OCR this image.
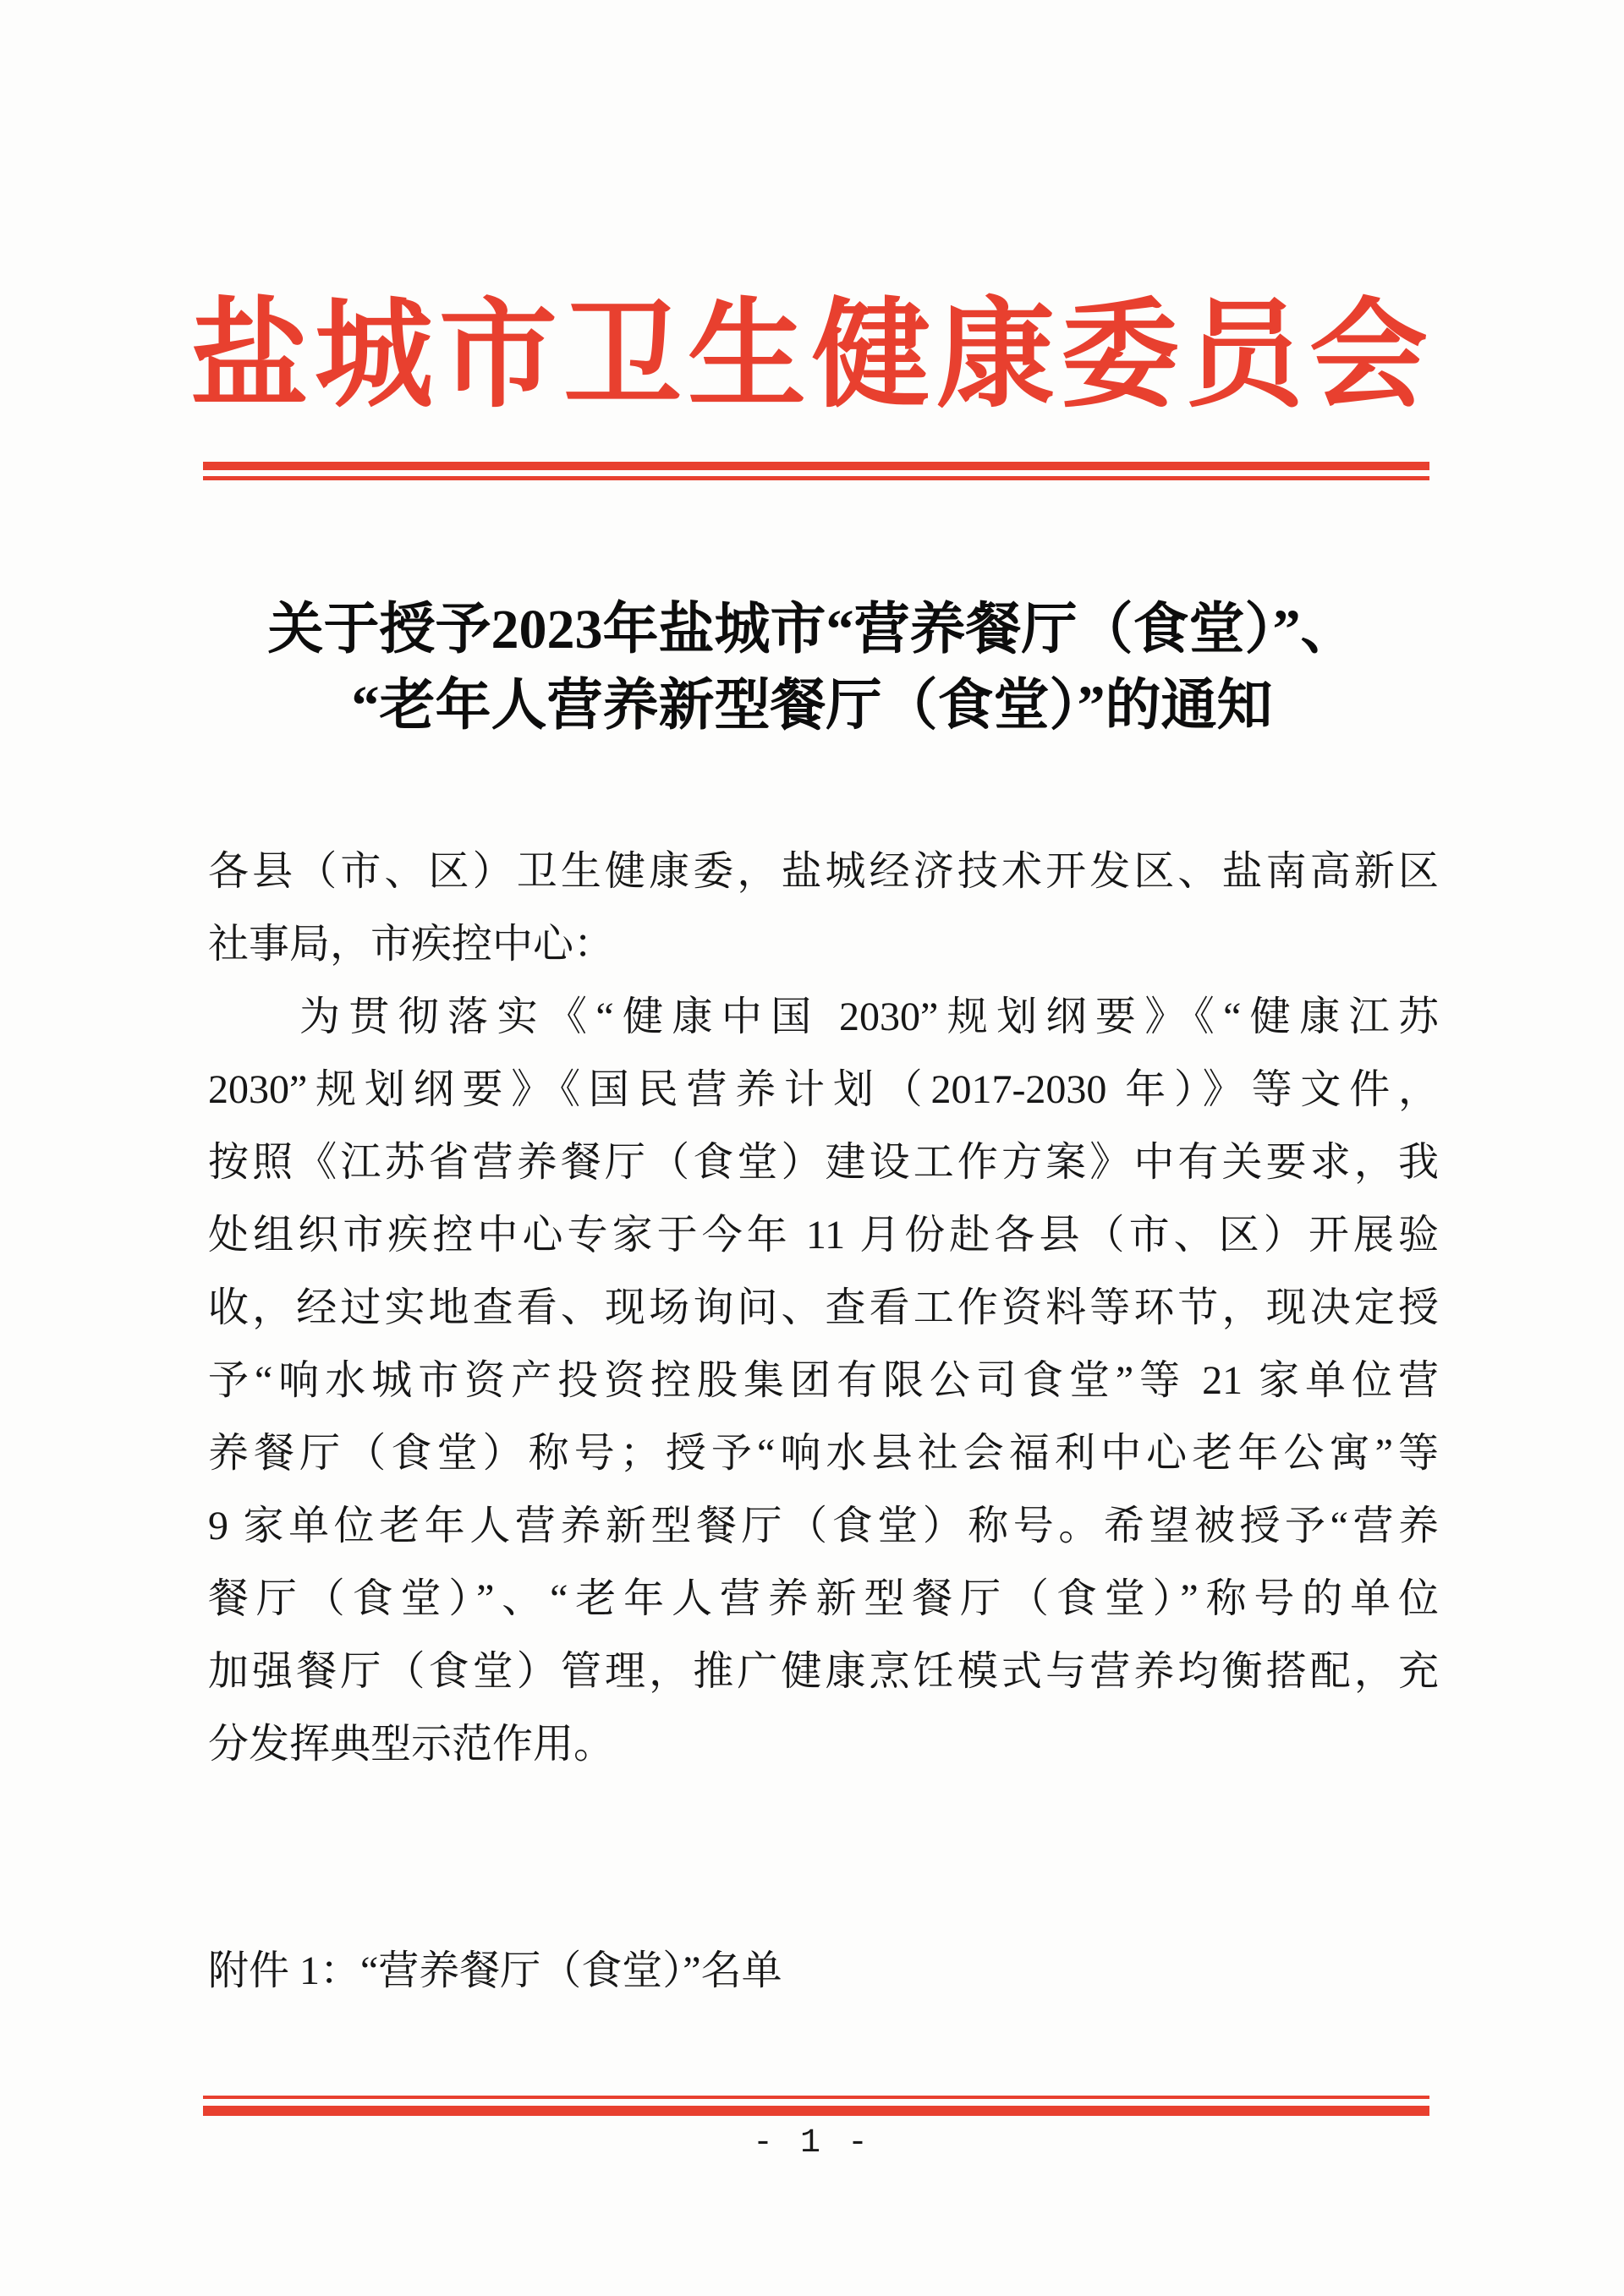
盐城市卫生健康委员会
关于授予2023年盐城市“营养餐厅（食堂）”、
“老年人营养新型餐厅（食堂）”的通知
各县（市、区）卫生健康委，盐城经济技术开发区、盐南高新区
社事局，市疾控中心：
为贯彻落实《“健康中国 2030”规划纲要》《“健康江苏
2030”规划纲要》《国民营养计划（2017-2030 年）》等文件，
按照《江苏省营养餐厅（食堂）建设工作方案》中有关要求，我
处组织市疾控中心专家于今年 11 月份赴各县（市、区）开展验
收，经过实地查看、现场询问、查看工作资料等环节，现决定授
予“响水城市资产投资控股集团有限公司食堂”等 21 家单位营
养餐厅（食堂）称号；授予“响水县社会福利中心老年公寓”等
9 家单位老年人营养新型餐厅（食堂）称号。希望被授予“营养
餐厅（食堂）”、“老年人营养新型餐厅（食堂）”称号的单位
加强餐厅（食堂）管理，推广健康烹饪模式与营养均衡搭配，充
分发挥典型示范作用。
附件 1：“营养餐厅（食堂）”名单
- 1 -
